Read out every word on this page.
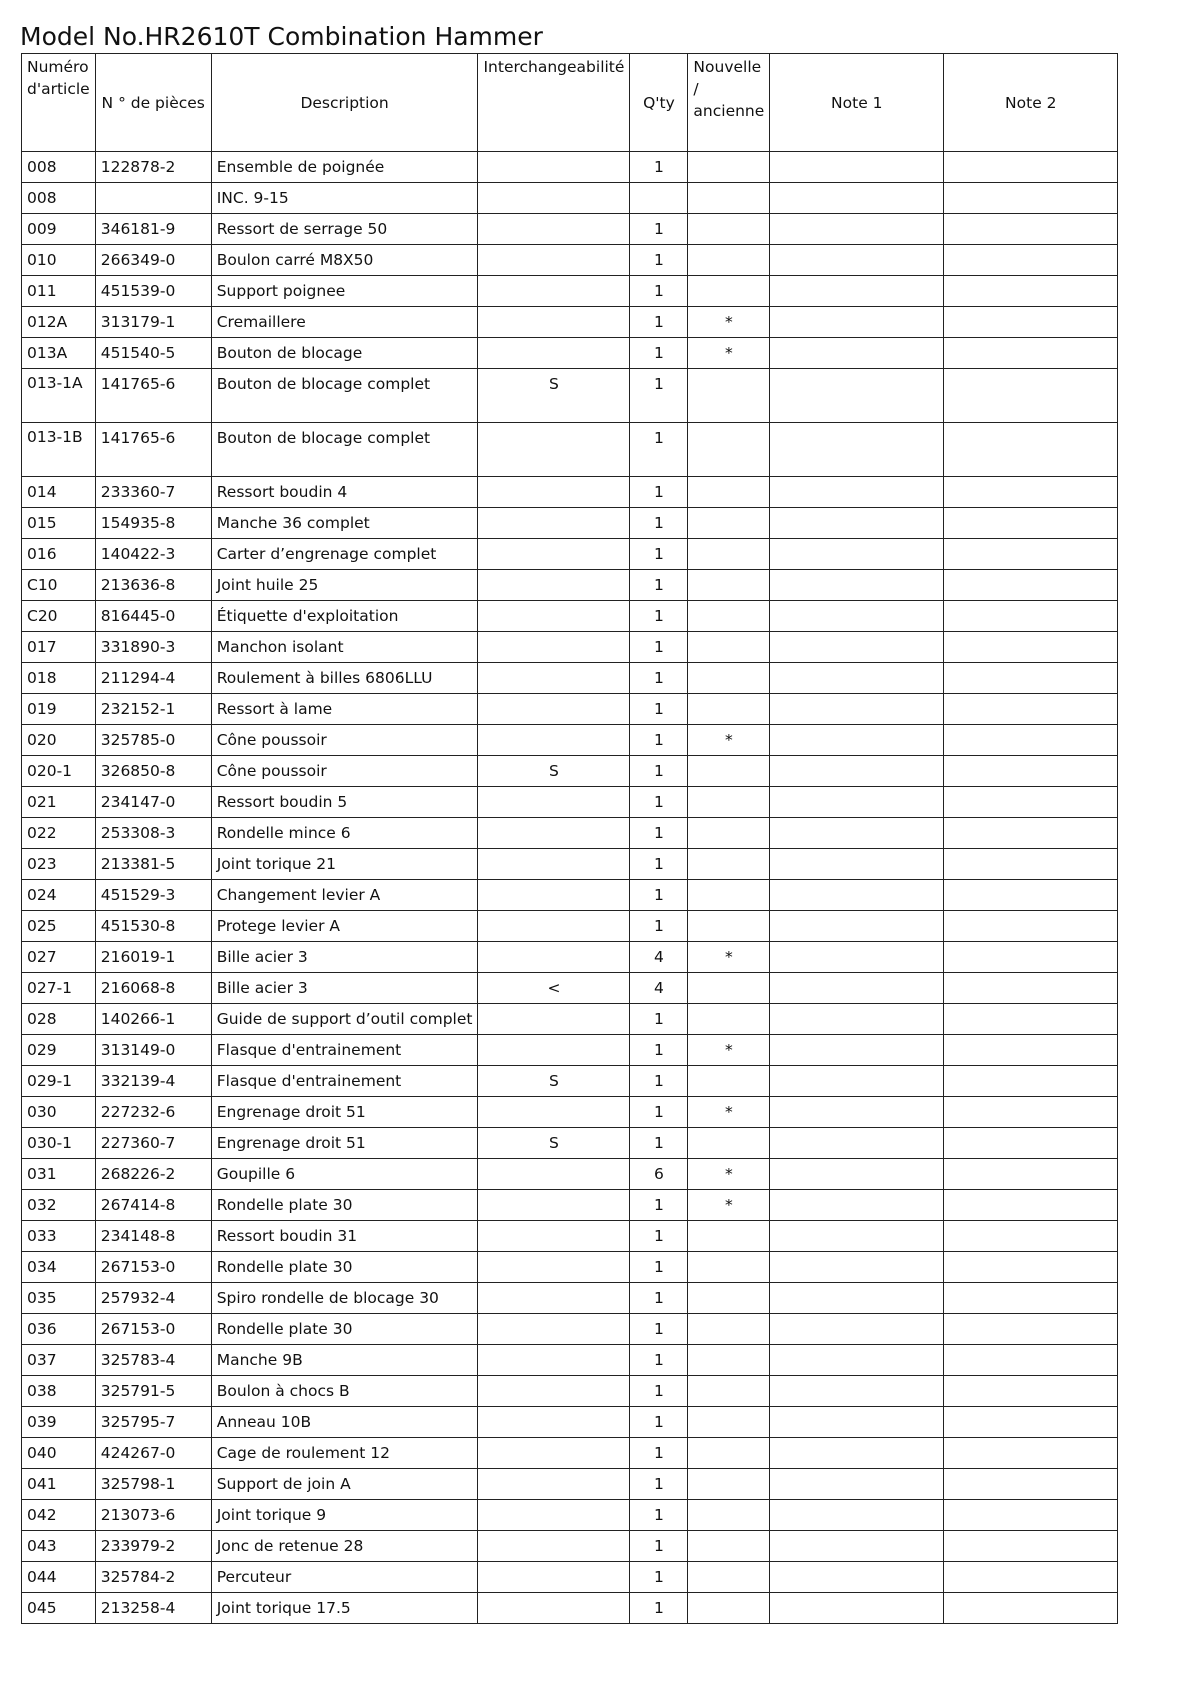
Model No.HR2610T Combination Hammer
Numéro d'article	N ° de pièces	Description	Interchangeabilité	Q'ty	Nouvelle / ancienne	Note 1	Note 2
008	122878-2	Ensemble de poignée		1			
008		INC. 9-15					
009	346181-9	Ressort de serrage 50		1			
010	266349-0	Boulon carré M8X50		1			
011	451539-0	Support poignee		1			
012A	313179-1	Cremaillere		1	*		
013A	451540-5	Bouton de blocage		1	*		
013-1A	141765-6	Bouton de blocage complet	S	1			
013-1B	141765-6	Bouton de blocage complet		1			
014	233360-7	Ressort boudin 4		1			
015	154935-8	Manche 36 complet		1			
016	140422-3	Carter d’engrenage complet		1			
C10	213636-8	Joint huile 25		1			
C20	816445-0	Étiquette d'exploitation		1			
017	331890-3	Manchon isolant		1			
018	211294-4	Roulement à billes 6806LLU		1			
019	232152-1	Ressort à lame		1			
020	325785-0	Cône poussoir		1	*		
020-1	326850-8	Cône poussoir	S	1			
021	234147-0	Ressort boudin 5		1			
022	253308-3	Rondelle mince 6		1			
023	213381-5	Joint torique 21		1			
024	451529-3	Changement levier A		1			
025	451530-8	Protege levier A		1			
027	216019-1	Bille acier 3		4	*		
027-1	216068-8	Bille acier 3	<	4			
028	140266-1	Guide de support d’outil complet		1			
029	313149-0	Flasque d'entrainement		1	*		
029-1	332139-4	Flasque d'entrainement	S	1			
030	227232-6	Engrenage droit 51		1	*		
030-1	227360-7	Engrenage droit 51	S	1			
031	268226-2	Goupille 6		6	*		
032	267414-8	Rondelle plate 30		1	*		
033	234148-8	Ressort boudin 31		1			
034	267153-0	Rondelle plate 30		1			
035	257932-4	Spiro rondelle de blocage 30		1			
036	267153-0	Rondelle plate 30		1			
037	325783-4	Manche 9B		1			
038	325791-5	Boulon à chocs B		1			
039	325795-7	Anneau 10B		1			
040	424267-0	Cage de roulement 12		1			
041	325798-1	Support de join A		1			
042	213073-6	Joint torique 9		1			
043	233979-2	Jonc de retenue 28		1			
044	325784-2	Percuteur		1			
045	213258-4	Joint torique 17.5		1			
